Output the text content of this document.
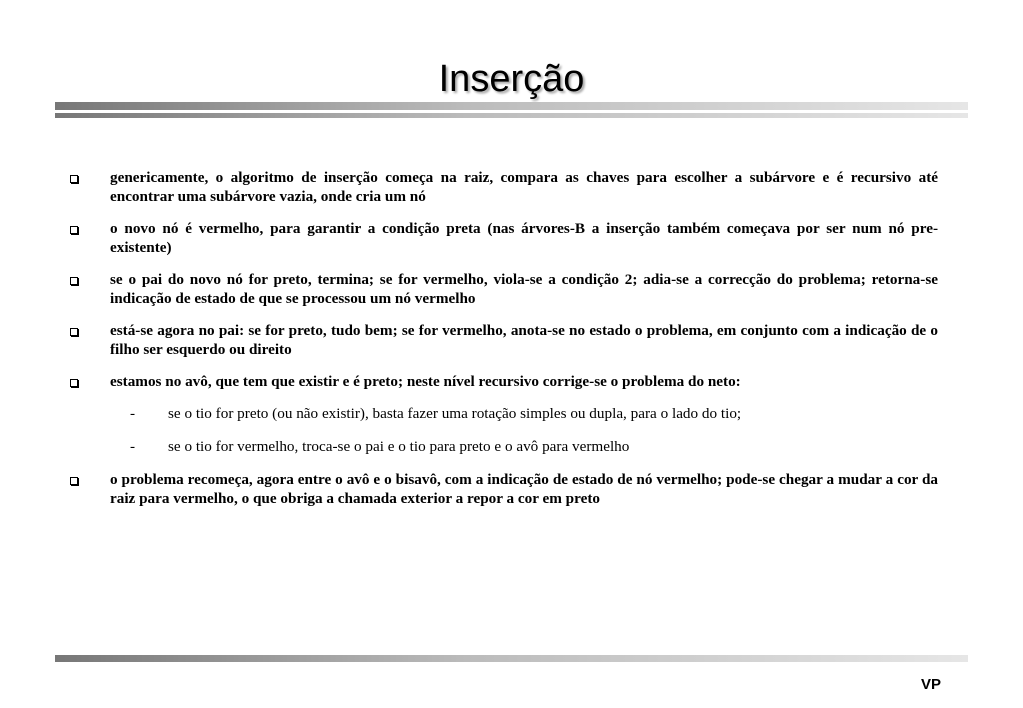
Inserção
genericamente, o algoritmo de inserção começa na raiz, compara as chaves para escolher a subárvore e é recursivo até encontrar uma subárvore vazia, onde cria um nó
o novo nó é vermelho, para garantir a condição preta (nas árvores-B a inserção também começava por ser num nó pre-existente)
se o pai do novo nó for preto, termina; se for vermelho, viola-se a condição 2; adia-se a correcção do problema; retorna-se indicação de estado de que se processou um nó vermelho
está-se agora no pai: se for preto, tudo bem; se for vermelho, anota-se no estado o problema, em conjunto com a indicação de o filho ser esquerdo ou direito
estamos no avô, que tem que existir e é preto; neste nível recursivo corrige-se o problema do neto:
- se o tio for preto (ou não existir), basta fazer uma rotação simples ou dupla, para o lado do tio;
- se o tio for vermelho, troca-se o pai e o tio para preto e o avô para vermelho
o problema recomeça, agora entre o avô e o bisavô, com a indicação de estado de nó vermelho; pode-se chegar a mudar a cor da raiz para vermelho, o que obriga a chamada exterior a repor a cor em preto
VP
